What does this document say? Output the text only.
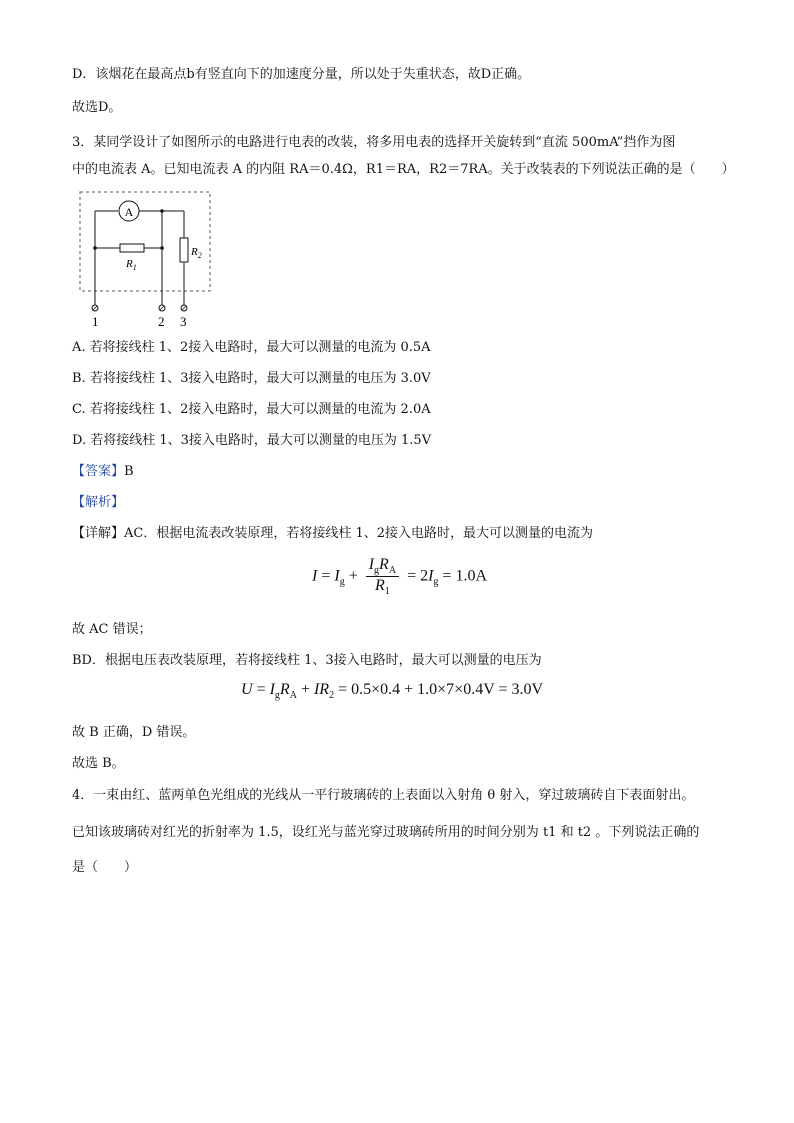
D．该烟花在最高点b有竖直向下的加速度分量，所以处于失重状态，故D正确。
故选D。
3．某同学设计了如图所示的电路进行电表的改装，将多用电表的选择开关旋转到“直流 500mA”挡作为图
中的电流表 A。已知电流表 A 的内阻 RA＝0.4Ω，R1＝RA，R2＝7RA。关于改装表的下列说法正确的是（　　）
A
$R_1$
$R_2$
1	2 3
A. 若将接线柱 1、2接入电路时，最大可以测量的电流为 0.5A
B. 若将接线柱 1、3接入电路时，最大可以测量的电压为 3.0V
C. 若将接线柱 1、2接入电路时，最大可以测量的电流为 2.0A
D. 若将接线柱 1、3接入电路时，最大可以测量的电压为 1.5V
【答案】B
【解析】
【详解】AC．根据电流表改装原理，若将接线柱 1、2接入电路时，最大可以测量的电流为
$I = I_g + \frac{I_gR_A}{R_1} = 2I_g = 1.0A$
故 AC 错误；
BD．根据电压表改装原理，若将接线柱 1、3接入电路时，最大可以测量的电压为
$U = I_gR_A + IR_2 = 0.5\times 0.4 + 1.0\times 7\times 0.4V = 3.0V$
故 B 正确，D 错误。
故选 B。
4．一束由红、蓝两单色光组成的光线从一平行玻璃砖的上表面以入射角 θ 射入，穿过玻璃砖自下表面射出。
已知该玻璃砖对红光的折射率为 1.5，设红光与蓝光穿过玻璃砖所用的时间分别为 t1 和 t2 。下列说法正确的
是（　　）
